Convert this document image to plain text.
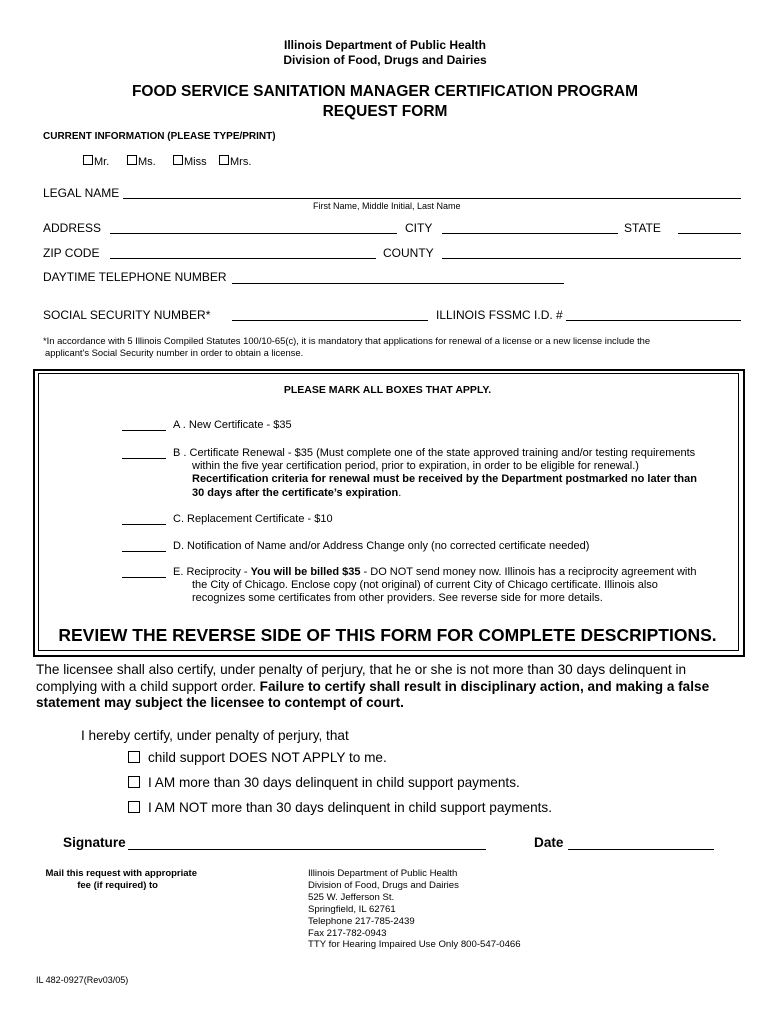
Illinois Department of Public Health
Division of Food, Drugs and Dairies
FOOD SERVICE SANITATION MANAGER CERTIFICATION PROGRAM
REQUEST FORM
CURRENT INFORMATION (PLEASE TYPE/PRINT)
Mr.	Ms.	Miss	Mrs.
LEGAL NAME
First Name, Middle Initial, Last Name
ADDRESS	CITY	STATE
ZIP CODE	COUNTY
DAYTIME TELEPHONE NUMBER
SOCIAL SECURITY NUMBER*	ILLINOIS FSSMC I.D. #
*In accordance with 5 Illinois Compiled Statutes 100/10-65(c), it is mandatory that applications for renewal of a license or a new license include the
applicant's Social Security number in order to obtain a license.
PLEASE MARK ALL BOXES THAT APPLY.
A . New Certificate - $35
B . Certificate Renewal - $35 (Must complete one of the state approved training and/or testing requirements
within the five year certification period, prior to expiration, in order to be eligible for renewal.)
Recertification criteria for renewal must be received by the Department postmarked no later than
30 days after the certificate’s expiration.
C. Replacement Certificate - $10
D. Notification of Name and/or Address Change only (no corrected certificate needed)
E. Reciprocity - You will be billed $35 - DO NOT send money now. Illinois has a reciprocity agreement with
the City of Chicago. Enclose copy (not original) of current City of Chicago certificate. Illinois also
recognizes some certificates from other providers. See reverse side for more details.
REVIEW THE REVERSE SIDE OF THIS FORM FOR COMPLETE DESCRIPTIONS.
The licensee shall also certify, under penalty of perjury, that he or she is not more than 30 days delinquent in
complying with a child support order. Failure to certify shall result in disciplinary action, and making a false
statement may subject the licensee to contempt of court.
I hereby certify, under penalty of perjury, that
child support DOES NOT APPLY to me.
I AM more than 30 days delinquent in child support payments.
I AM NOT more than 30 days delinquent in child support payments.
Signature	Date
Mail this request with appropriate
fee (if required) to
Illinois Department of Public Health
Division of Food, Drugs and Dairies
525 W. Jefferson St.
Springfield, IL 62761
Telephone 217-785-2439
Fax 217-782-0943
TTY for Hearing Impaired Use Only 800-547-0466
IL 482-0927(Rev03/05)
